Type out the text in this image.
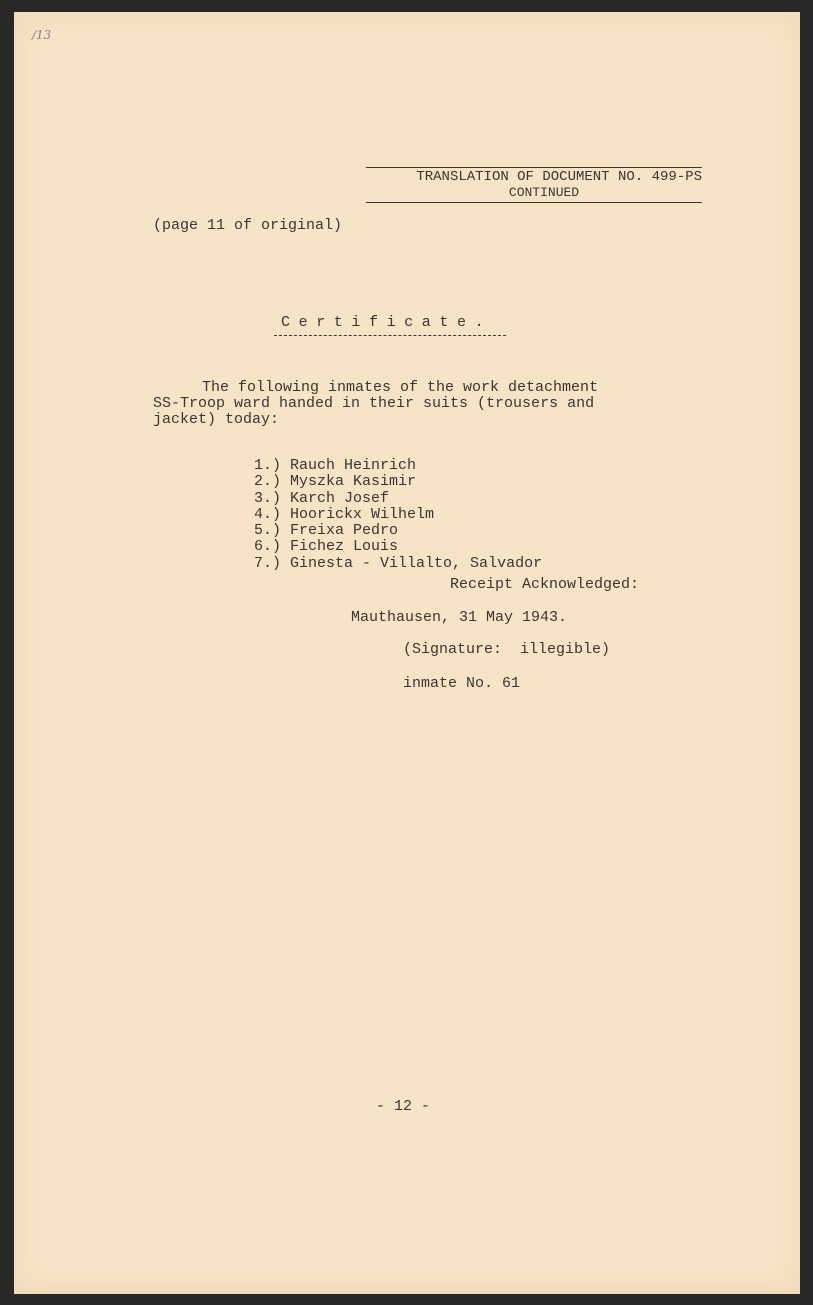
/13
TRANSLATION OF DOCUMENT NO. 499-PS
CONTINUED
(page 11 of original)
Certificate.
The following inmates of the work detachment
SS-Troop ward handed in their suits (trousers and
jacket) today:
1.) Rauch Heinrich
2.) Myszka Kasimir
3.) Karch Josef
4.) Hoorickx Wilhelm
5.) Freixa Pedro
6.) Fichez Louis
7.) Ginesta - Villalto, Salvador
Receipt Acknowledged:
Mauthausen, 31 May 1943.
(Signature:  illegible)
inmate No. 61
- 12 -
